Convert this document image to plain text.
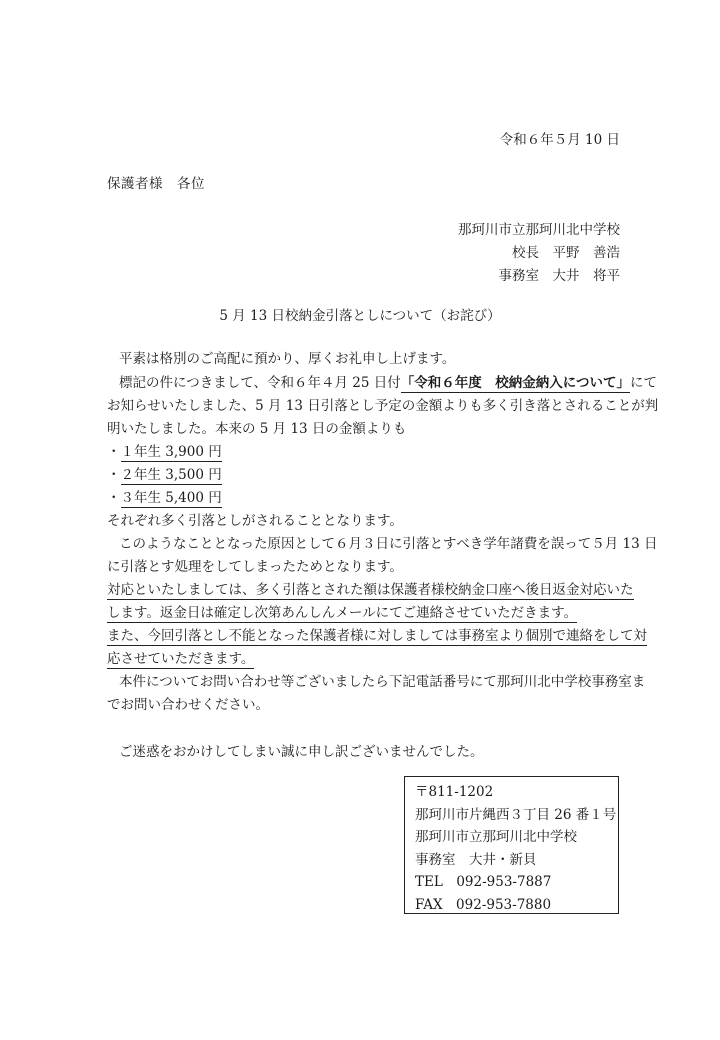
令和６年５月 10 日
保護者様　各位
那珂川市立那珂川北中学校
校長　平野　善浩
事務室　大井　将平
5 月 13 日校納金引落としについて（お詫び）
平素は格別のご高配に預かり、厚くお礼申し上げます。
標記の件につきまして、令和６年４月 25 日付「令和６年度　校納金納入について」にて
お知らせいたしました、5 月 13 日引落とし予定の金額よりも多く引き落とされることが判
明いたしました。本来の 5 月 13 日の金額よりも
・１年生 3,900 円
・２年生 3,500 円
・３年生 5,400 円
それぞれ多く引落としがされることとなります。
このようなこととなった原因として６月３日に引落とすべき学年諸費を誤って５月 13 日
に引落とす処理をしてしまったためとなります。
対応といたしましては、多く引落とされた額は保護者様校納金口座へ後日返金対応いた
します。返金日は確定し次第あんしんメールにてご連絡させていただきます。
また、今回引落とし不能となった保護者様に対しましては事務室より個別で連絡をして対
応させていただきます。
本件についてお問い合わせ等ございましたら下記電話番号にて那珂川北中学校事務室ま
でお問い合わせください。
ご迷惑をおかけしてしまい誠に申し訳ございませんでした。
〒811-1202
那珂川市片縄西３丁目 26 番１号
那珂川市立那珂川北中学校
事務室　大井・新貝
TEL　092-953-7887
FAX　092-953-7880
